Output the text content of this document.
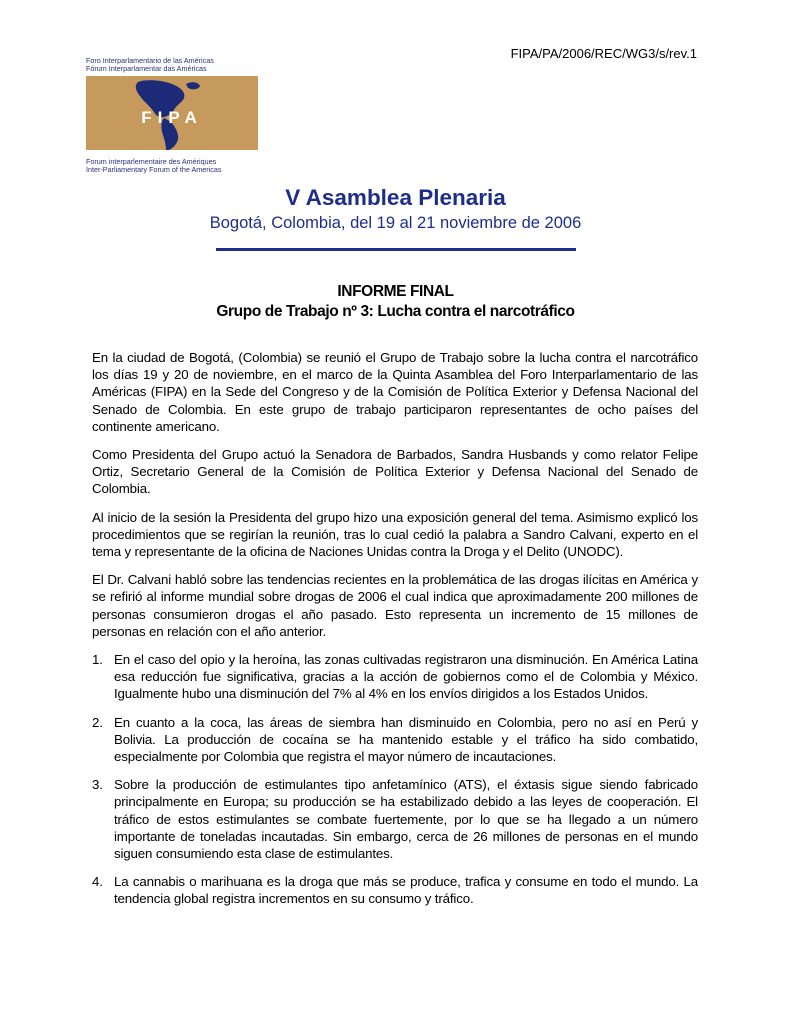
FIPA/PA/2006/REC/WG3/s/rev.1
Foro Interparlamentario de las Américas
Fórum Interparlamentar das Américas
FIPA
Forum interparlementaire des Amériques
Inter-Parliamentary Forum of the Americas
V Asamblea Plenaria
Bogotá, Colombia, del 19 al 21 noviembre de 2006
INFORME FINAL
Grupo de Trabajo nº 3: Lucha contra el narcotráfico

En la ciudad de Bogotá, (Colombia) se reunió el Grupo de Trabajo sobre la lucha contra el narcotráfico los días 19 y 20 de noviembre, en el marco de la Quinta Asamblea del Foro Interparlamentario de las Américas (FIPA) en la Sede del Congreso y de la Comisión de Política Exterior y Defensa Nacional del Senado de Colombia. En este grupo de trabajo participaron representantes de ocho países del continente americano.

Como Presidenta del Grupo actuó la Senadora de Barbados, Sandra Husbands y como relator Felipe Ortiz, Secretario General de la Comisión de Política Exterior y Defensa Nacional del Senado de Colombia.

Al inicio de la sesión la Presidenta del grupo hizo una exposición general del tema. Asimismo explicó los procedimientos que se regirían la reunión, tras lo cual cedió la palabra a Sandro Calvani, experto en el tema y representante de la oficina de Naciones Unidas contra la Droga y el Delito (UNODC).

El Dr. Calvani habló sobre las tendencias recientes en la problemática de las drogas ilícitas en América y se refirió al informe mundial sobre drogas de 2006 el cual indica que aproximadamente 200 millones de personas consumieron drogas el año pasado. Esto representa un incremento de 15 millones de personas en relación con el año anterior.

1. En el caso del opio y la heroína, las zonas cultivadas registraron una disminución. En América Latina esa reducción fue significativa, gracias a la acción de gobiernos como el de Colombia y México. Igualmente hubo una disminución del 7% al 4% en los envíos dirigidos a los Estados Unidos.
2. En cuanto a la coca, las áreas de siembra han disminuido en Colombia, pero no así en Perú y Bolivia. La producción de cocaína se ha mantenido estable y el tráfico ha sido combatido, especialmente por Colombia que registra el mayor número de incautaciones.
3. Sobre la producción de estimulantes tipo anfetamínico (ATS), el éxtasis sigue siendo fabricado principalmente en Europa; su producción se ha estabilizado debido a las leyes de cooperación. El tráfico de estos estimulantes se combate fuertemente, por lo que se ha llegado a un número importante de toneladas incautadas. Sin embargo, cerca de 26 millones de personas en el mundo siguen consumiendo esta clase de estimulantes.
4. La cannabis o marihuana es la droga que más se produce, trafica y consume en todo el mundo. La tendencia global registra incrementos en su consumo y tráfico.
